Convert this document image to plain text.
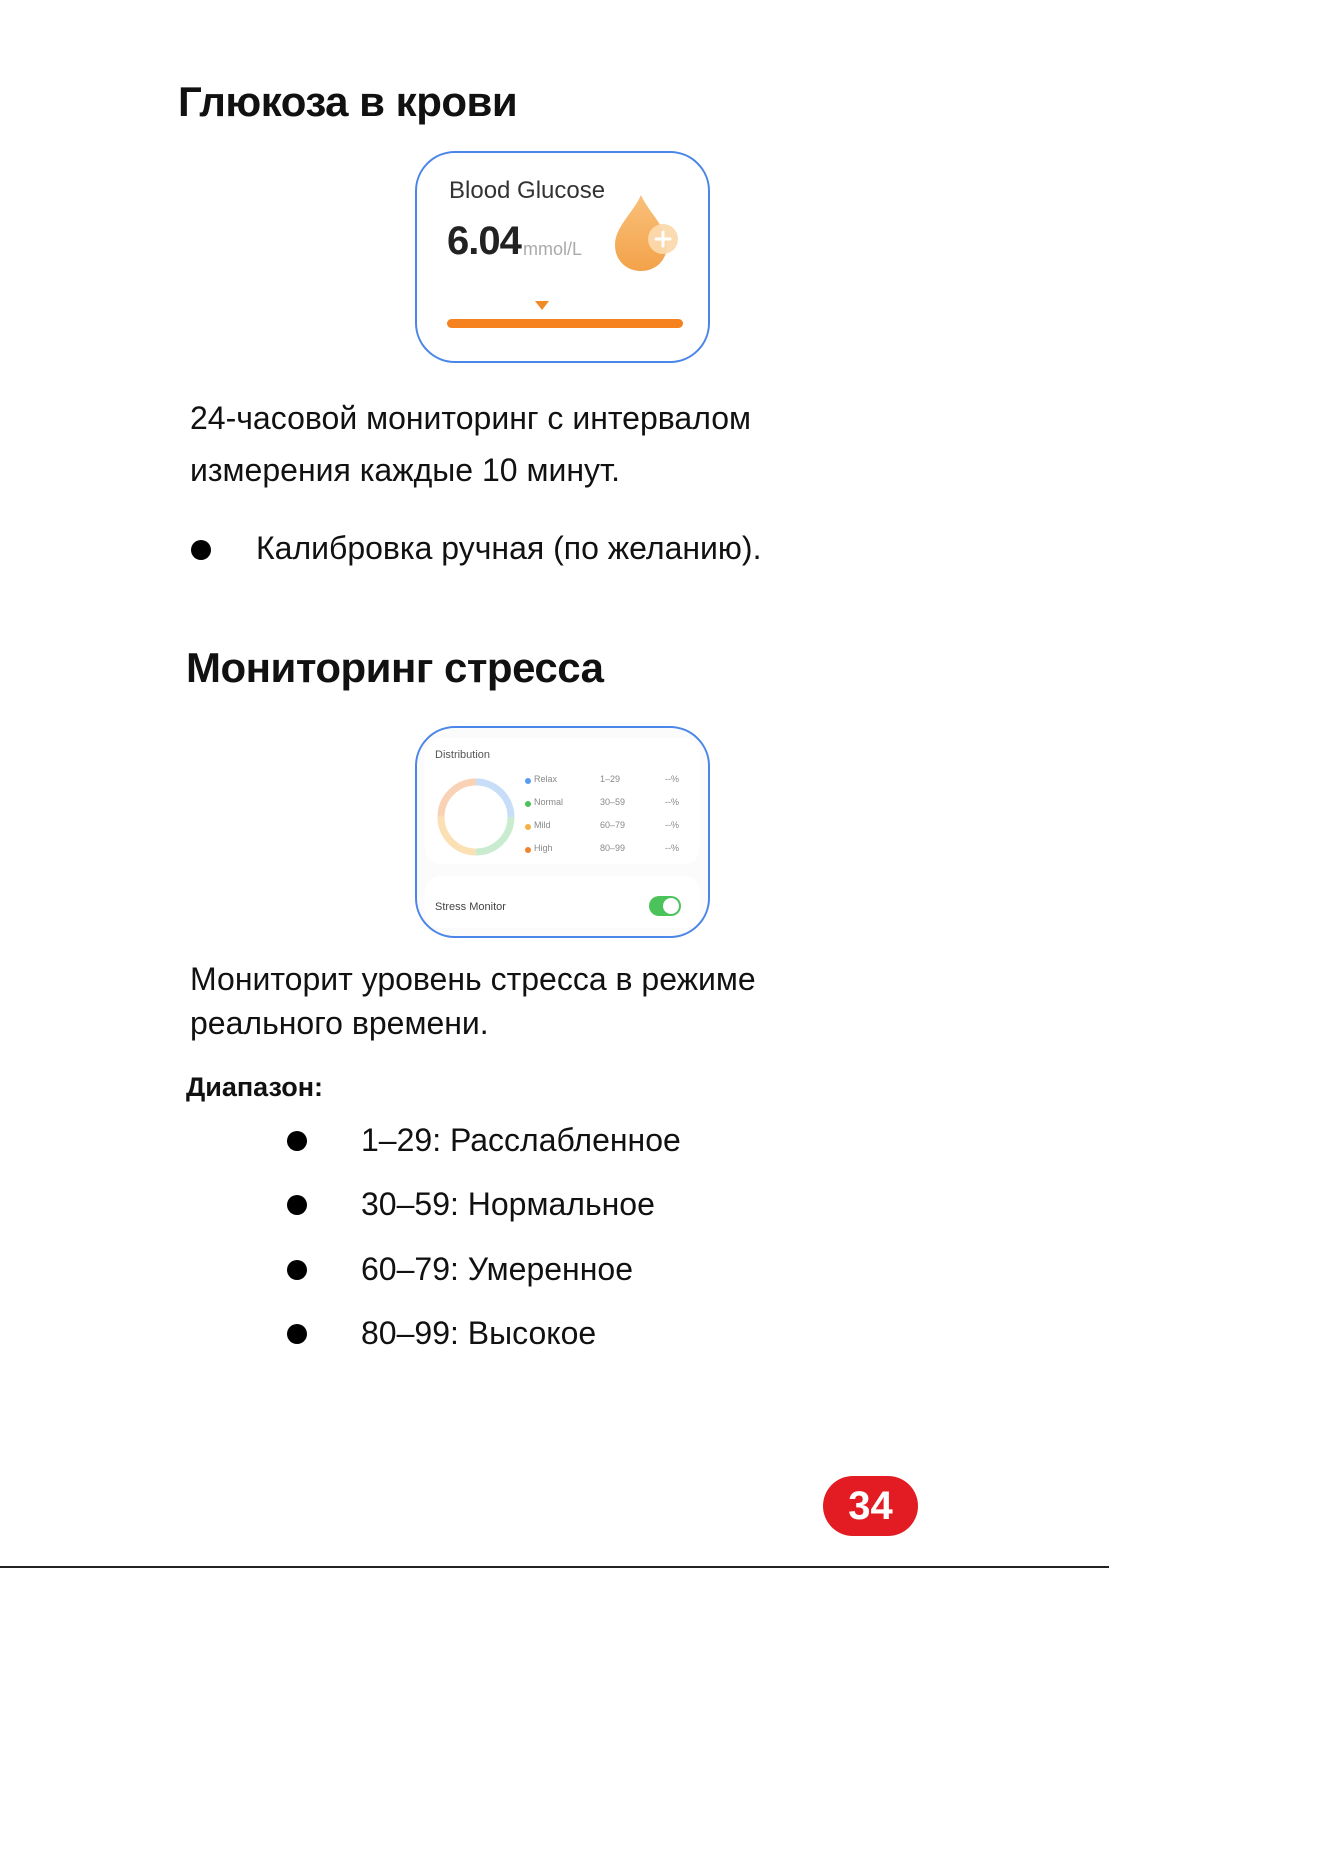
Глюкоза в крови
Blood Glucose
6.04 mmol/L

24-часовой мониторинг с интервалом измерения каждые 10 минут.

Калибровка ручная (по желанию).
Мониторинг стресса
Distribution
Relax	1–29	--%
Normal	30–59	--%
Mild	60–79	--%
High	80–99	--%
Stress Monitor

Мониторит уровень стресса в режиме реального времени.

Диапазон:
1–29: Расслабленное
30–59: Нормальное
60–79: Умеренное
80–99: Высокое
34
